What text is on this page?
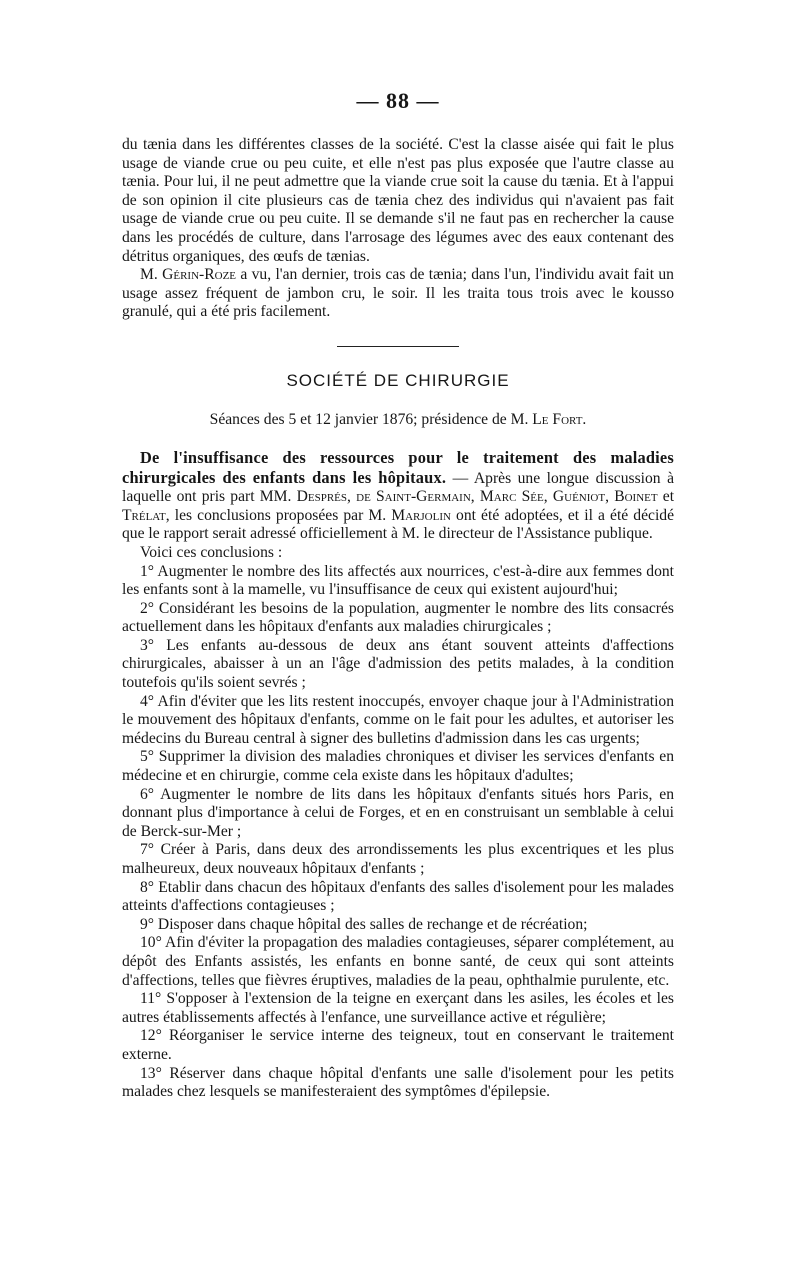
— 88 —

du tænia dans les différentes classes de la société. C'est la classe aisée qui fait le plus usage de viande crue ou peu cuite, et elle n'est pas plus exposée que l'autre classe au tænia. Pour lui, il ne peut admettre que la viande crue soit la cause du tænia. Et à l'appui de son opinion il cite plusieurs cas de tænia chez des individus qui n'avaient pas fait usage de viande crue ou peu cuite. Il se demande s'il ne faut pas en rechercher la cause dans les procédés de culture, dans l'arrosage des légumes avec des eaux contenant des détritus organiques, des œufs de tænias.

M. Gérin-Roze a vu, l'an dernier, trois cas de tænia; dans l'un, l'individu avait fait un usage assez fréquent de jambon cru, le soir. Il les traita tous trois avec le kousso granulé, qui a été pris facilement.

SOCIÉTÉ DE CHIRURGIE
Séances des 5 et 12 janvier 1876; présidence de M. Le Fort.

De l'insuffisance des ressources pour le traitement des maladies chirurgicales des enfants dans les hôpitaux. — Après une longue discussion à laquelle ont pris part MM. Després, de Saint-Germain, Marc Sée, Guéniot, Boinet et Trélat, les conclusions proposées par M. Marjolin ont été adoptées, et il a été décidé que le rapport serait adressé officiellement à M. le directeur de l'Assistance publique.

Voici ces conclusions :

1° Augmenter le nombre des lits affectés aux nourrices, c'est-à-dire aux femmes dont les enfants sont à la mamelle, vu l'insuffisance de ceux qui existent aujourd'hui;

2° Considérant les besoins de la population, augmenter le nombre des lits consacrés actuellement dans les hôpitaux d'enfants aux maladies chirurgicales ;

3° Les enfants au-dessous de deux ans étant souvent atteints d'affections chirurgicales, abaisser à un an l'âge d'admission des petits malades, à la condition toutefois qu'ils soient sevrés ;

4° Afin d'éviter que les lits restent inoccupés, envoyer chaque jour à l'Administration le mouvement des hôpitaux d'enfants, comme on le fait pour les adultes, et autoriser les médecins du Bureau central à signer des bulletins d'admission dans les cas urgents;

5° Supprimer la division des maladies chroniques et diviser les services d'enfants en médecine et en chirurgie, comme cela existe dans les hôpitaux d'adultes;

6° Augmenter le nombre de lits dans les hôpitaux d'enfants situés hors Paris, en donnant plus d'importance à celui de Forges, et en en construisant un semblable à celui de Berck-sur-Mer ;

7° Créer à Paris, dans deux des arrondissements les plus excentriques et les plus malheureux, deux nouveaux hôpitaux d'enfants ;

8° Etablir dans chacun des hôpitaux d'enfants des salles d'isolement pour les malades atteints d'affections contagieuses ;

9° Disposer dans chaque hôpital des salles de rechange et de récréation;

10° Afin d'éviter la propagation des maladies contagieuses, séparer complétement, au dépôt des Enfants assistés, les enfants en bonne santé, de ceux qui sont atteints d'affections, telles que fièvres éruptives, maladies de la peau, ophthalmie purulente, etc.

11° S'opposer à l'extension de la teigne en exerçant dans les asiles, les écoles et les autres établissements affectés à l'enfance, une surveillance active et régulière;

12° Réorganiser le service interne des teigneux, tout en conservant le traitement externe.

13° Réserver dans chaque hôpital d'enfants une salle d'isolement pour les petits malades chez lesquels se manifesteraient des symptômes d'épilepsie.
